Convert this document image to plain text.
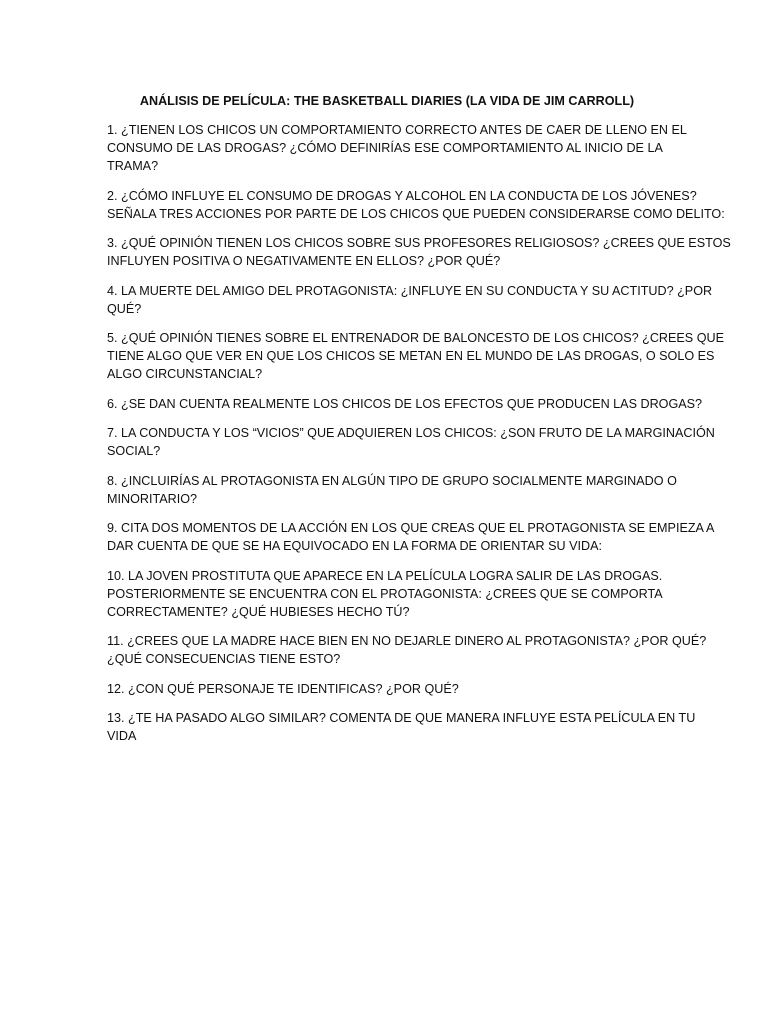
ANÁLISIS DE PELÍCULA: THE BASKETBALL DIARIES (LA VIDA DE JIM CARROLL)
1. ¿TIENEN LOS CHICOS UN COMPORTAMIENTO CORRECTO ANTES DE CAER DE LLENO EN EL
CONSUMO DE LAS DROGAS? ¿CÓMO DEFINIRÍAS ESE COMPORTAMIENTO AL INICIO DE LA
TRAMA?
2. ¿CÓMO INFLUYE EL CONSUMO DE DROGAS Y ALCOHOL EN LA CONDUCTA DE LOS JÓVENES?
SEÑALA TRES ACCIONES POR PARTE DE LOS CHICOS QUE PUEDEN CONSIDERARSE COMO DELITO:
3. ¿QUÉ OPINIÓN TIENEN LOS CHICOS SOBRE SUS PROFESORES RELIGIOSOS? ¿CREES QUE ESTOS
INFLUYEN POSITIVA O NEGATIVAMENTE EN ELLOS? ¿POR QUÉ?
4. LA MUERTE DEL AMIGO DEL PROTAGONISTA: ¿INFLUYE EN SU CONDUCTA Y SU ACTITUD? ¿POR
QUÉ?
5. ¿QUÉ OPINIÓN TIENES SOBRE EL ENTRENADOR DE BALONCESTO DE LOS CHICOS? ¿CREES QUE
TIENE ALGO QUE VER EN QUE LOS CHICOS SE METAN EN EL MUNDO DE LAS DROGAS, O SOLO ES
ALGO CIRCUNSTANCIAL?
6. ¿SE DAN CUENTA REALMENTE LOS CHICOS DE LOS EFECTOS QUE PRODUCEN LAS DROGAS?
7. LA CONDUCTA Y LOS “VICIOS” QUE ADQUIEREN LOS CHICOS: ¿SON FRUTO DE LA MARGINACIÓN
SOCIAL?
8. ¿INCLUIRÍAS AL PROTAGONISTA EN ALGÚN TIPO DE GRUPO SOCIALMENTE MARGINADO O
MINORITARIO?
9. CITA DOS MOMENTOS DE LA ACCIÓN EN LOS QUE CREAS QUE EL PROTAGONISTA SE EMPIEZA A
DAR CUENTA DE QUE SE HA EQUIVOCADO EN LA FORMA DE ORIENTAR SU VIDA:
10. LA JOVEN PROSTITUTA QUE APARECE EN LA PELÍCULA LOGRA SALIR DE LAS DROGAS.
POSTERIORMENTE SE ENCUENTRA CON EL PROTAGONISTA: ¿CREES QUE SE COMPORTA
CORRECTAMENTE? ¿QUÉ HUBIESES HECHO TÚ?
11. ¿CREES QUE LA MADRE HACE BIEN EN NO DEJARLE DINERO AL PROTAGONISTA? ¿POR QUÉ?
¿QUÉ CONSECUENCIAS TIENE ESTO?
12. ¿CON QUÉ PERSONAJE TE IDENTIFICAS? ¿POR QUÉ?
13. ¿TE HA PASADO ALGO SIMILAR? COMENTA DE QUE MANERA INFLUYE ESTA PELÍCULA EN TU
VIDA
